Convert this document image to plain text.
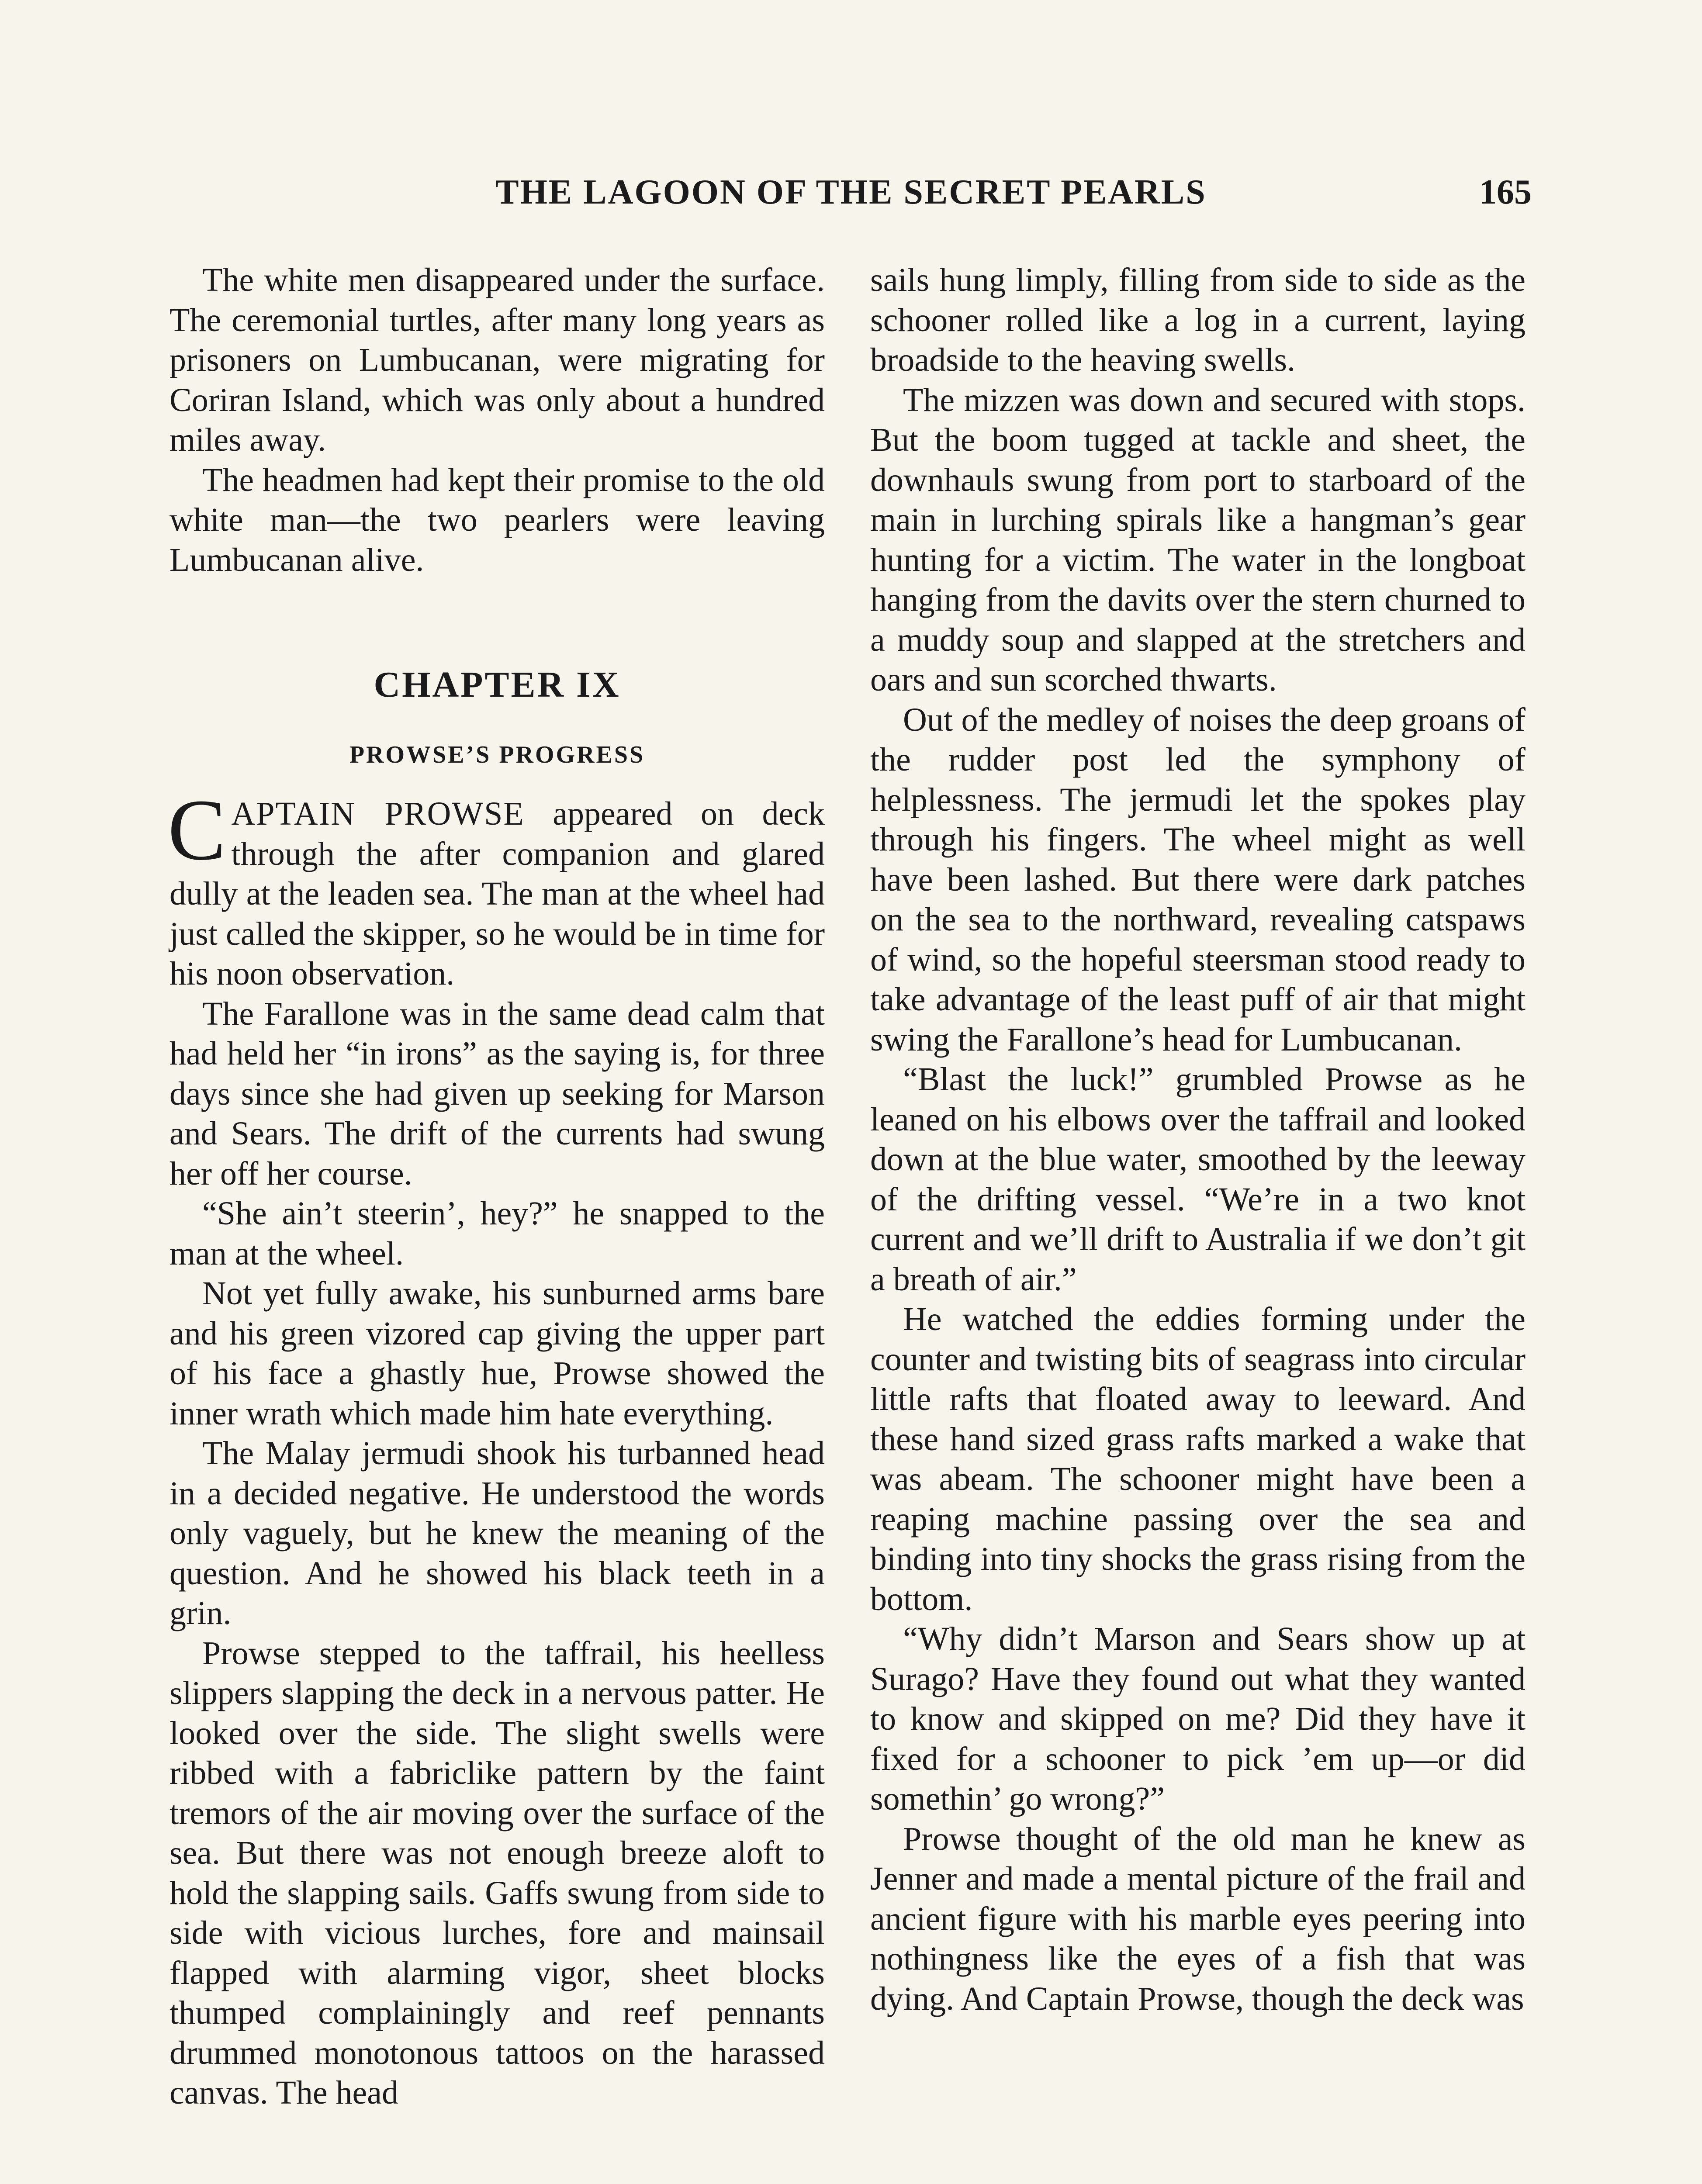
THE LAGOON OF THE SECRET PEARLS	165

The white men disappeared under the surface. The ceremonial turtles, after many long years as prisoners on Lumbucanan, were migrating for Coriran Island, which was only about a hundred miles away.

The headmen had kept their promise to the old white man—the two pearlers were leaving Lumbucanan alive.

CHAPTER IX
PROWSE’S PROGRESS

CAPTAIN PROWSE appeared on deck through the after companion and glared dully at the leaden sea. The man at the wheel had just called the skipper, so he would be in time for his noon observation.

The Farallone was in the same dead calm that had held her “in irons” as the saying is, for three days since she had given up seeking for Marson and Sears. The drift of the currents had swung her off her course.

“She ain’t steerin’, hey?” he snapped to the man at the wheel.

Not yet fully awake, his sunburned arms bare and his green vizored cap giving the upper part of his face a ghastly hue, Prowse showed the inner wrath which made him hate everything.

The Malay jermudi shook his turbanned head in a decided negative. He understood the words only vaguely, but he knew the meaning of the question. And he showed his black teeth in a grin.

Prowse stepped to the taffrail, his heelless slippers slapping the deck in a nervous patter. He looked over the side. The slight swells were ribbed with a fabriclike pattern by the faint tremors of the air moving over the surface of the sea. But there was not enough breeze aloft to hold the slapping sails. Gaffs swung from side to side with vicious lurches, fore and mainsail flapped with alarming vigor, sheet blocks thumped complainingly and reef pennants drummed monotonous tattoos on the harassed canvas. The head

sails hung limply, filling from side to side as the schooner rolled like a log in a current, laying broadside to the heaving swells.

The mizzen was down and secured with stops. But the boom tugged at tackle and sheet, the downhauls swung from port to starboard of the main in lurching spirals like a hangman’s gear hunting for a victim. The water in the longboat hanging from the davits over the stern churned to a muddy soup and slapped at the stretchers and oars and sun scorched thwarts.

Out of the medley of noises the deep groans of the rudder post led the symphony of helplessness. The jermudi let the spokes play through his fingers. The wheel might as well have been lashed. But there were dark patches on the sea to the northward, revealing catspaws of wind, so the hopeful steersman stood ready to take advantage of the least puff of air that might swing the Farallone’s head for Lumbucanan.

“Blast the luck!” grumbled Prowse as he leaned on his elbows over the taffrail and looked down at the blue water, smoothed by the leeway of the drifting vessel. “We’re in a two knot current and we’ll drift to Australia if we don’t git a breath of air.”

He watched the eddies forming under the counter and twisting bits of seagrass into circular little rafts that floated away to leeward. And these hand sized grass rafts marked a wake that was abeam. The schooner might have been a reaping machine passing over the sea and binding into tiny shocks the grass rising from the bottom.

“Why didn’t Marson and Sears show up at Surago? Have they found out what they wanted to know and skipped on me? Did they have it fixed for a schooner to pick ’em up—or did somethin’ go wrong?”

Prowse thought of the old man he knew as Jenner and made a mental picture of the frail and ancient figure with his marble eyes peering into nothingness like the eyes of a fish that was dying. And Captain Prowse, though the deck was
